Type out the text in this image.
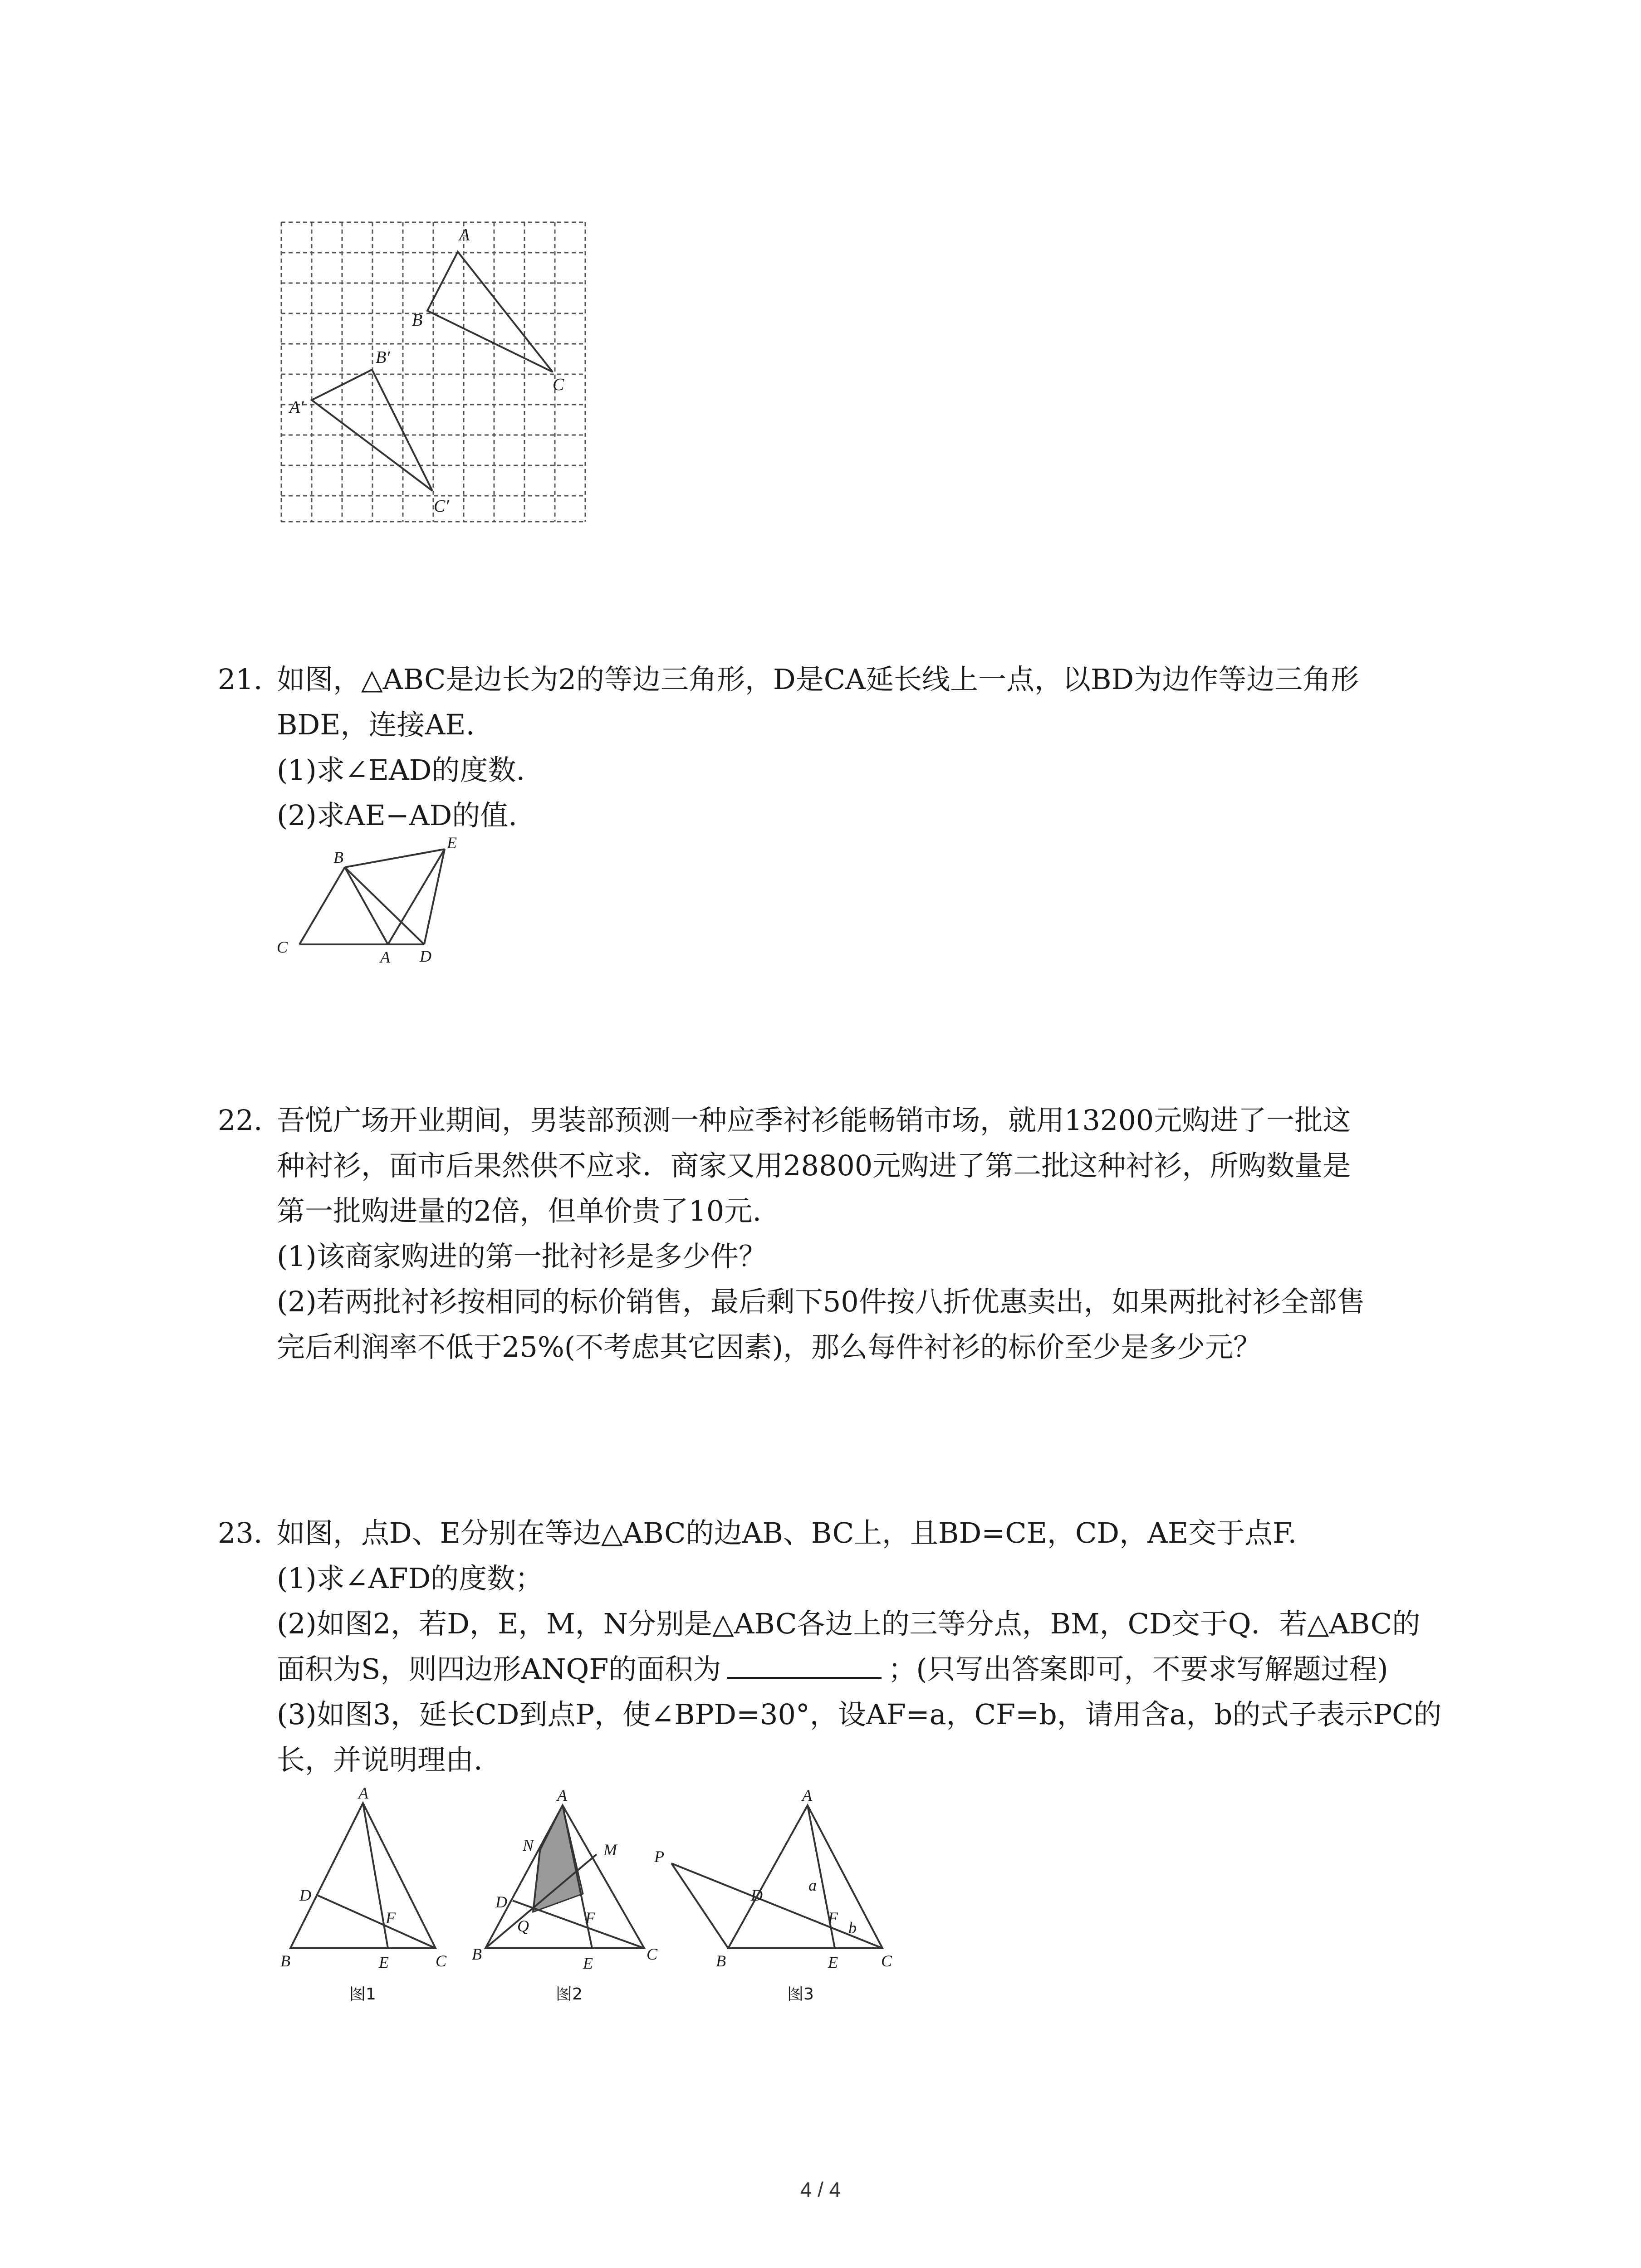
A
B
C
A′
B′
C′
21. 如图，△ABC是边长为2的等边三角形，D是CA延长线上一点，以BD为边作等边三角形
BDE，连接AE.
(1)求∠EAD的度数.
(2)求AE−AD的值.
B
E
C
A D
22. 吾悦广场开业期间，男装部预测一种应季衬衫能畅销市场，就用13200元购进了一批这
种衬衫，面市后果然供不应求．商家又用28800元购进了第二批这种衬衫，所购数量是
第一批购进量的2倍，但单价贵了10元.
(1)该商家购进的第一批衬衫是多少件？
(2)若两批衬衫按相同的标价销售，最后剩下50件按八折优惠卖出，如果两批衬衫全部售
完后利润率不低于25%(不考虑其它因素)，那么每件衬衫的标价至少是多少元？
23. 如图，点D、E分别在等边△ABC的边AB、BC上，且BD=CE，CD，AE交于点F.
(1)求∠AFD的度数；
(2)如图2，若D，E，M，N分别是△ABC各边上的三等分点，BM，CD交于Q．若△ABC的
面积为S，则四边形ANQF的面积为	；(只写出答案即可，不要求写解题过程)
(3)如图3，延长CD到点P，使∠BPD=30°，设AF=a，CF=b，请用含a，b的式子表示PC的
长，并说明理由.
A
D
F
B	E	C
图1
A
N	M
D
F
Q
B	E	C
图2
A
P
D
a
F
b
B	E	C
图3
4 / 4
